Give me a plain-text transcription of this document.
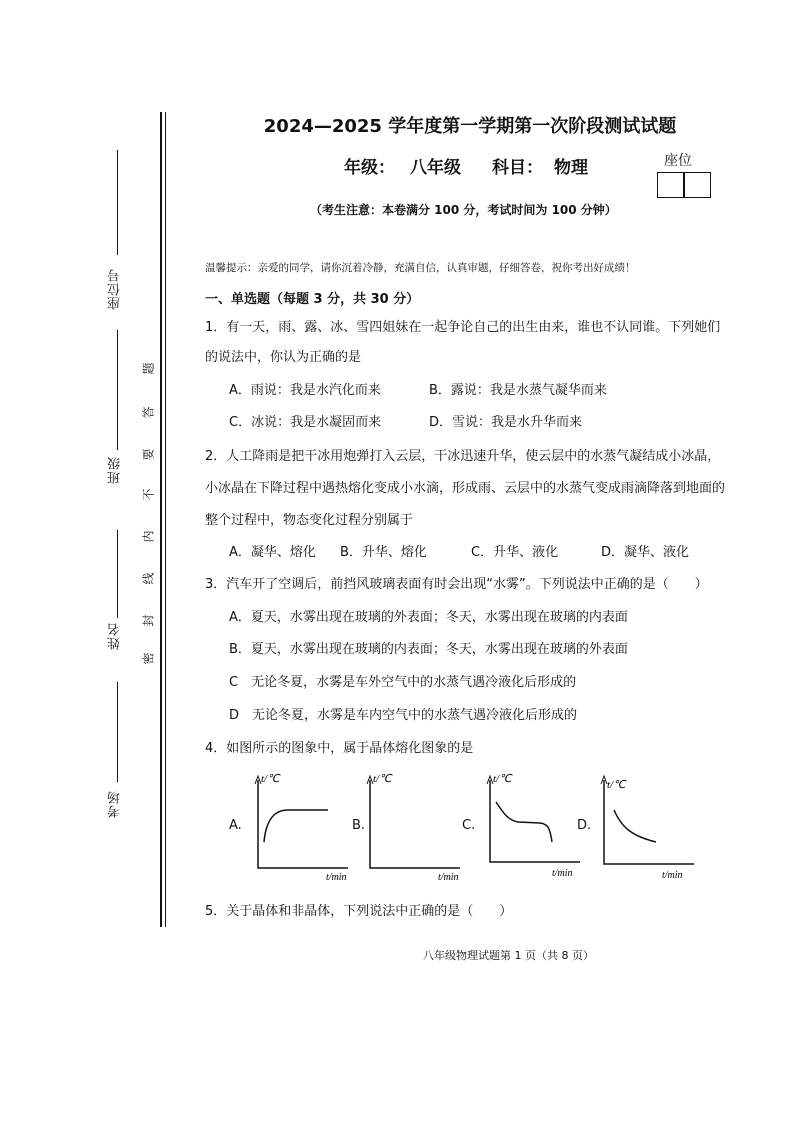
座位号
班级
姓名
考场
题
答
要
不
内
线
封
密
2024—2025 学年度第一学期第一次阶段测试试题
年级： 八年级 科目： 物理	座位
（考生注意：本卷满分 100 分，考试时间为 100 分钟）
温馨提示：亲爱的同学，请你沉着冷静，充满自信，认真审题，仔细答卷，祝你考出好成绩！
一、单选题（每题 3 分，共 30 分）
1．有一天，雨、露、冰、雪四姐妹在一起争论自己的出生由来，谁也不认同谁。下列她们
的说法中，你认为正确的是
A．雨说：我是水汽化而来	B．露说：我是水蒸气凝华而来
C．冰说：我是水凝固而来	D．雪说：我是水升华而来
2．人工降雨是把干冰用炮弹打入云层，干冰迅速升华，使云层中的水蒸气凝结成小冰晶，
小冰晶在下降过程中遇热熔化变成小水滴，形成雨、云层中的水蒸气变成雨滴降落到地面的
整个过程中，物态变化过程分别属于
A．凝华、熔化 B．升华、熔化	C．升华、液化	D．凝华、液化
3．汽车开了空调后，前挡风玻璃表面有时会出现“水雾”。下列说法中正确的是（　　）
A．夏天，水雾出现在玻璃的外表面；冬天，水雾出现在玻璃的内表面
B．夏天，水雾出现在玻璃的内表面；冬天，水雾出现在玻璃的外表面
C　无论冬夏，水雾是车外空气中的水蒸气遇冷液化后形成的
D　无论冬夏，水雾是车内空气中的水蒸气遇冷液化后形成的
4．如图所示的图象中，属于晶体熔化图象的是
A.
t/℃
t/min
B.
t/℃
t/min
C.
t/℃
t/min
D.
t/℃
t/min
5．关于晶体和非晶体，下列说法中正确的是（　　）
八年级物理试题第 1 页（共 8 页）
